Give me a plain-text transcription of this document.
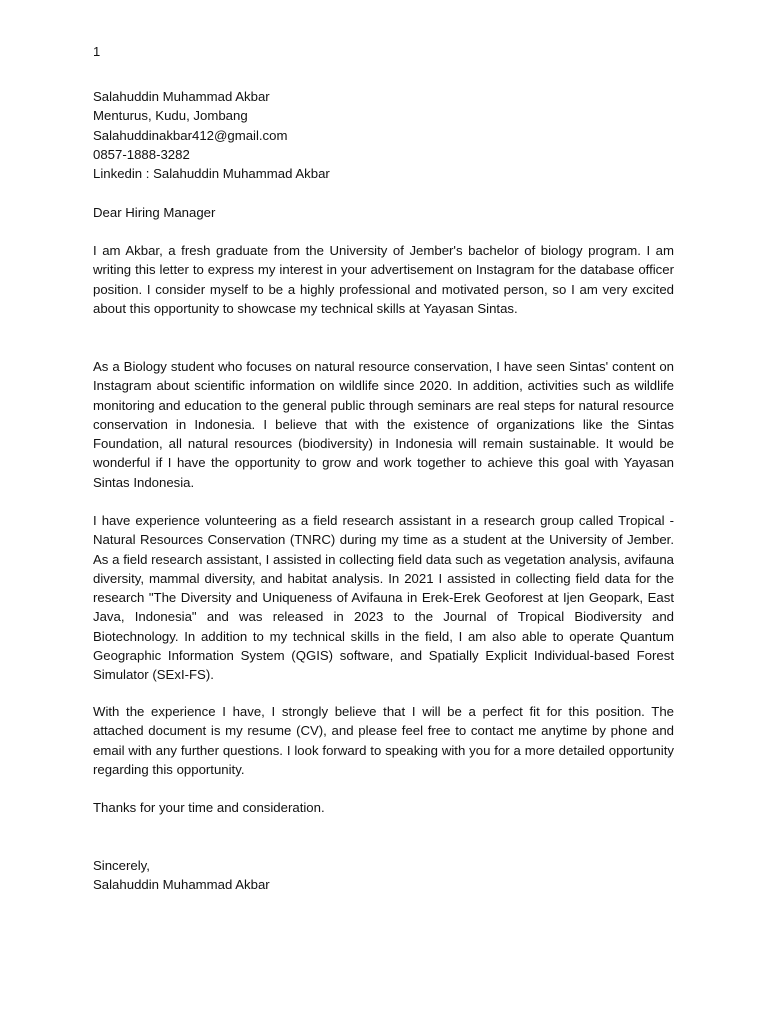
1
Salahuddin Muhammad Akbar
Menturus, Kudu, Jombang
Salahuddinakbar412@gmail.com
0857-1888-3282
Linkedin : Salahuddin Muhammad Akbar
Dear Hiring Manager

I am Akbar, a fresh graduate from the University of Jember's bachelor of biology program. I am writing this letter to express my interest in your advertisement on Instagram for the database officer position. I consider myself to be a highly professional and motivated person, so I am very excited about this opportunity to showcase my technical skills at Yayasan Sintas.

As a Biology student who focuses on natural resource conservation, I have seen Sintas' content on Instagram about scientific information on wildlife since 2020. In addition, activities such as wildlife monitoring and education to the general public through seminars are real steps for natural resource conservation in Indonesia. I believe that with the existence of organizations like the Sintas Foundation, all natural resources (biodiversity) in Indonesia will remain sustainable. It would be wonderful if I have the opportunity to grow and work together to achieve this goal with Yayasan Sintas Indonesia.

I have experience volunteering as a field research assistant in a research group called Tropical - Natural Resources Conservation (TNRC) during my time as a student at the University of Jember. As a field research assistant, I assisted in collecting field data such as vegetation analysis, avifauna diversity, mammal diversity, and habitat analysis. In 2021 I assisted in collecting field data for the research "The Diversity and Uniqueness of Avifauna in Erek-Erek Geoforest at Ijen Geopark, East Java, Indonesia" and was released in 2023 to the Journal of Tropical Biodiversity and Biotechnology. In addition to my technical skills in the field, I am also able to operate Quantum Geographic Information System (QGIS) software, and Spatially Explicit Individual-based Forest Simulator (SExI-FS).

With the experience I have, I strongly believe that I will be a perfect fit for this position. The attached document is my resume (CV), and please feel free to contact me anytime by phone and email with any further questions. I look forward to speaking with you for a more detailed opportunity regarding this opportunity.

Thanks for your time and consideration.
Sincerely,
Salahuddin Muhammad Akbar
